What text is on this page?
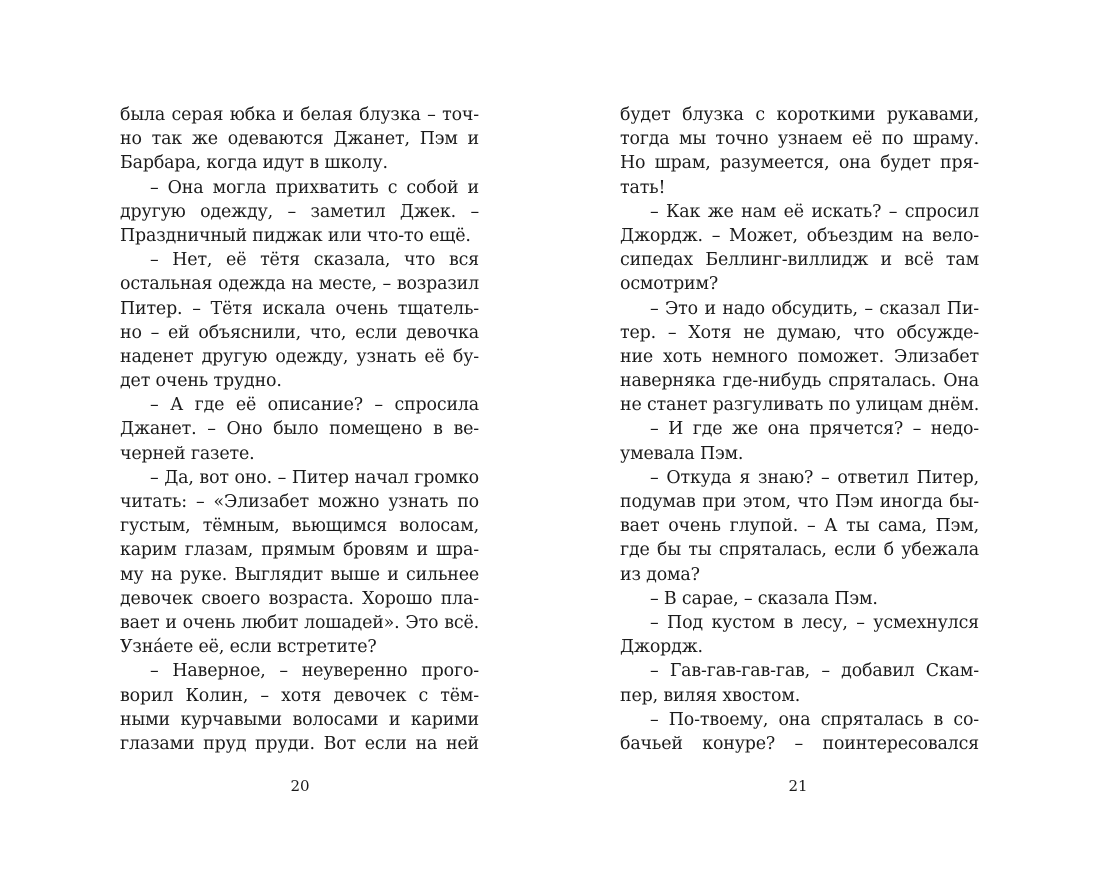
была серая юбка и белая блузка – точ-
но так же одеваются Джанет, Пэм и
Барбара, когда идут в школу.
– Она могла прихватить с собой и
другую одежду, – заметил Джек. –
Праздничный пиджак или что-то ещё.
– Нет, её тётя сказала, что вся
остальная одежда на месте, – возразил
Питер. – Тётя искала очень тщатель-
но – ей объяснили, что, если девочка
наденет другую одежду, узнать её бу-
дет очень трудно.
– А где её описание? – спросила
Джанет. – Оно было помещено в ве-
черней газете.
– Да, вот оно. – Питер начал громко
читать: – «Элизабет можно узнать по
густым, тёмным, вьющимся волосам,
карим глазам, прямым бровям и шра-
му на руке. Выглядит выше и сильнее
девочек своего возраста. Хорошо пла-
вает и очень любит лошадей». Это всё.
Узна́ете её, если встретите?
– Наверное, – неуверенно прого-
ворил Колин, – хотя девочек с тём-
ными курчавыми волосами и карими
глазами пруд пруди. Вот если на ней
20
будет блузка с короткими рукавами,
тогда мы точно узнаем её по шраму.
Но шрам, разумеется, она будет пря-
тать!
– Как же нам её искать? – спросил
Джордж. – Может, объездим на вело-
сипедах Беллинг-виллидж и всё там
осмотрим?
– Это и надо обсудить, – сказал Пи-
тер. – Хотя не думаю, что обсужде-
ние хоть немного поможет. Элизабет
наверняка где-нибудь спряталась. Она
не станет разгуливать по улицам днём.
– И где же она прячется? – недо-
умевала Пэм.
– Откуда я знаю? – ответил Питер,
подумав при этом, что Пэм иногда бы-
вает очень глупой. – А ты сама, Пэм,
где бы ты спряталась, если б убежала
из дома?
– В сарае, – сказала Пэм.
– Под кустом в лесу, – усмехнулся
Джордж.
– Гав-гав-гав-гав, – добавил Скам-
пер, виляя хвостом.
– По-твоему, она спряталась в со-
бачьей конуре? – поинтересовался
21
